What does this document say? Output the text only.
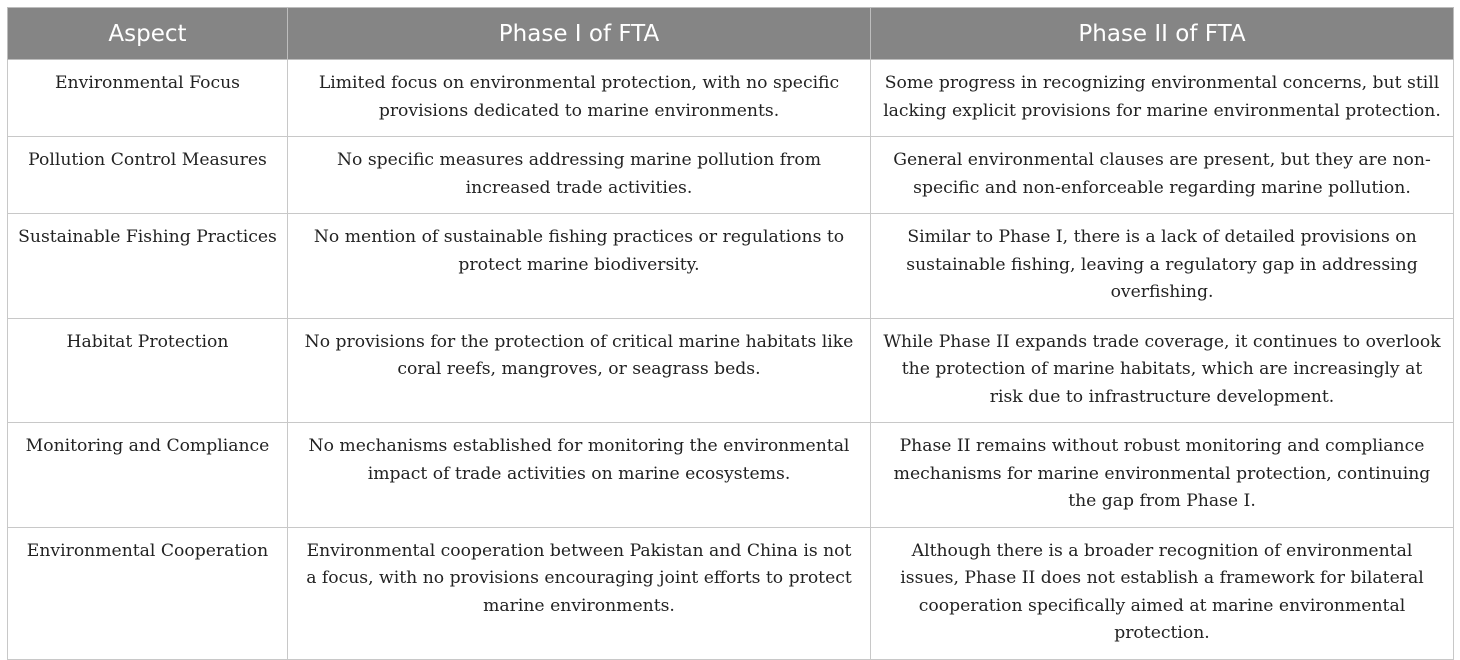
Aspect	Phase I of FTA	Phase II of FTA
Environmental Focus	Limited focus on environmental protection, with no specific provisions dedicated to marine environments.	Some progress in recognizing environmental concerns, but still lacking explicit provisions for marine environmental protection.
Pollution Control Measures	No specific measures addressing marine pollution from increased trade activities.	General environmental clauses are present, but they are non-specific and non-enforceable regarding marine pollution.
Sustainable Fishing Practices	No mention of sustainable fishing practices or regulations to protect marine biodiversity.	Similar to Phase I, there is a lack of detailed provisions on sustainable fishing, leaving a regulatory gap in addressing overfishing.
Habitat Protection	No provisions for the protection of critical marine habitats like coral reefs, mangroves, or seagrass beds.	While Phase II expands trade coverage, it continues to overlook the protection of marine habitats, which are increasingly at risk due to infrastructure development.
Monitoring and Compliance	No mechanisms established for monitoring the environmental impact of trade activities on marine ecosystems.	Phase II remains without robust monitoring and compliance mechanisms for marine environmental protection, continuing the gap from Phase I.
Environmental Cooperation	Environmental cooperation between Pakistan and China is not a focus, with no provisions encouraging joint efforts to protect marine environments.	Although there is a broader recognition of environmental issues, Phase II does not establish a framework for bilateral cooperation specifically aimed at marine environmental protection.
